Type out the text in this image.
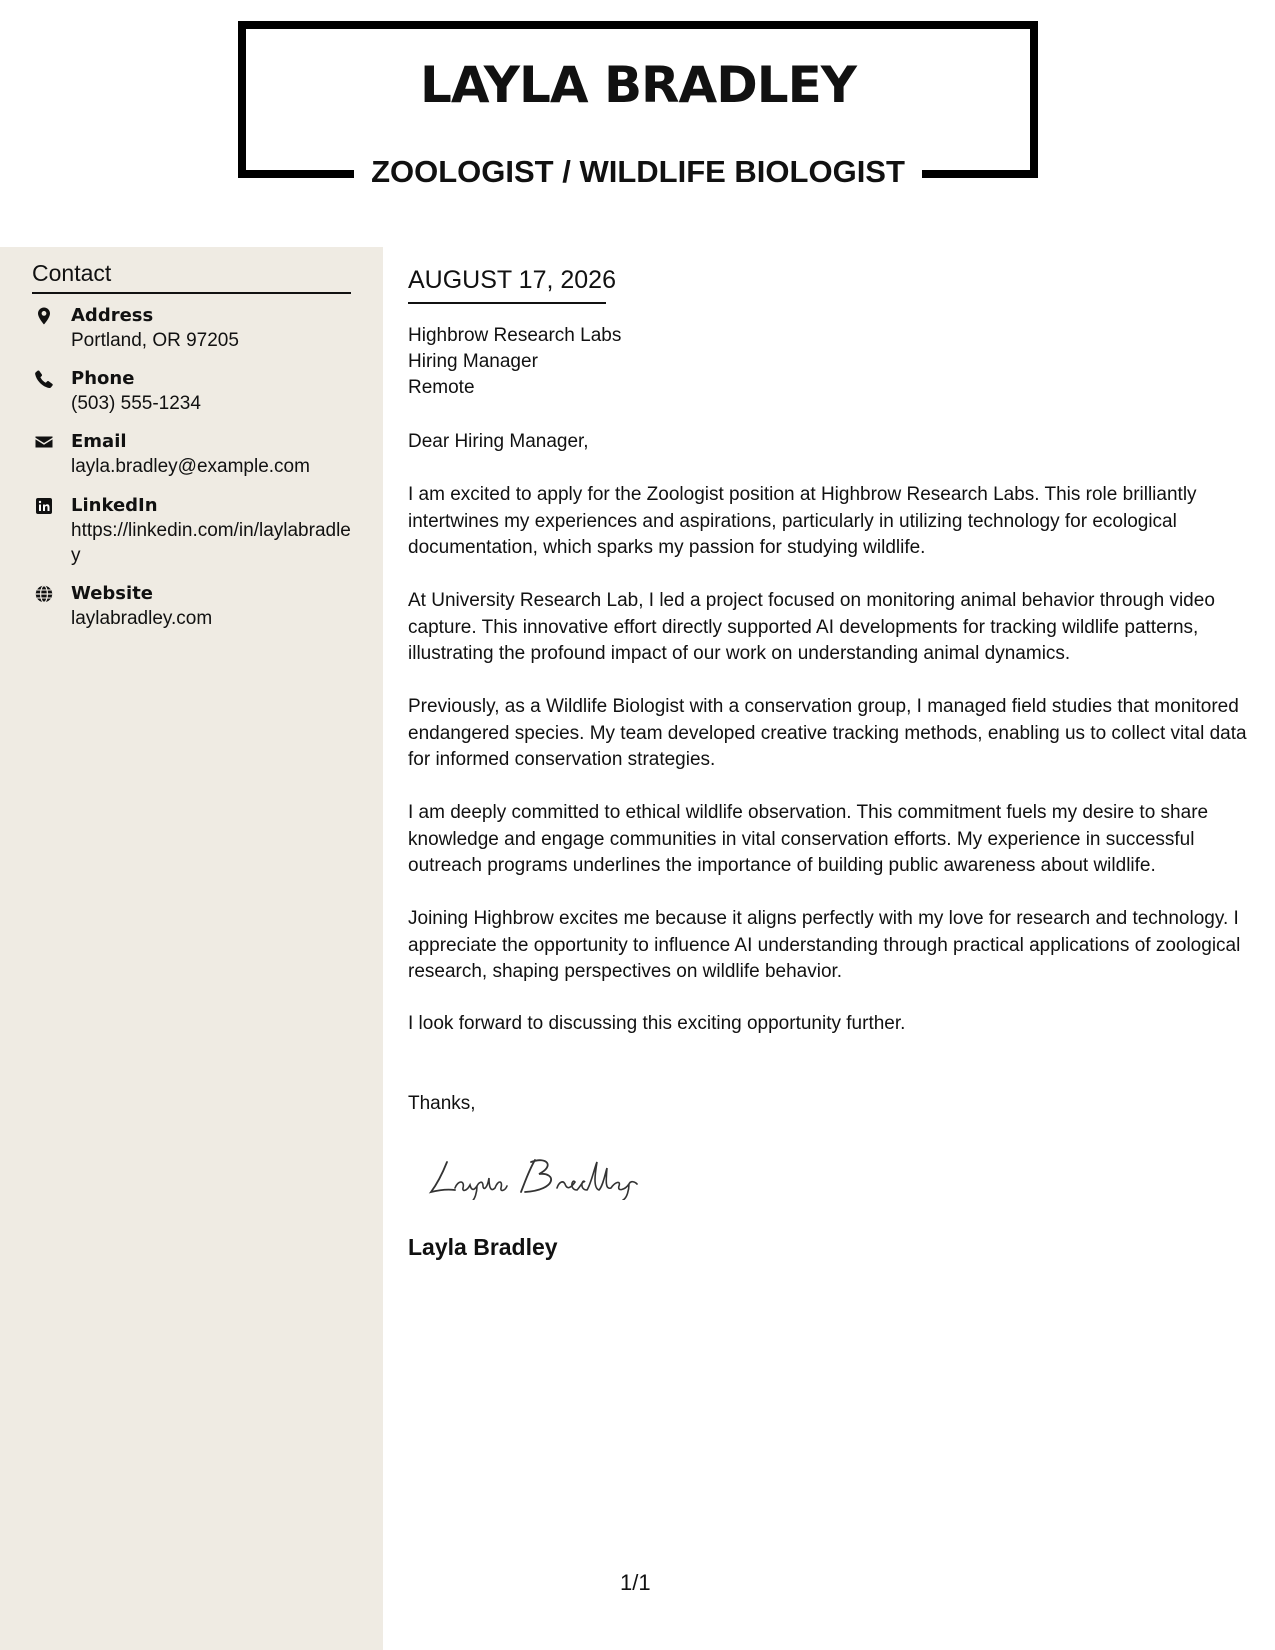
LAYLA BRADLEY
ZOOLOGIST / WILDLIFE BIOLOGIST
Contact
Address
Portland, OR 97205
Phone
(503) 555-1234
Email
layla.bradley@example.com
LinkedIn
https://linkedin.com/in/laylabradley
Website
laylabradley.com
AUGUST 17, 2026
Highbrow Research Labs
Hiring Manager
Remote

Dear Hiring Manager,

I am excited to apply for the Zoologist position at Highbrow Research Labs. This role brilliantly intertwines my experiences and aspirations, particularly in utilizing technology for ecological documentation, which sparks my passion for studying wildlife.

At University Research Lab, I led a project focused on monitoring animal behavior through video capture. This innovative effort directly supported AI developments for tracking wildlife patterns, illustrating the profound impact of our work on understanding animal dynamics.

Previously, as a Wildlife Biologist with a conservation group, I managed field studies that monitored endangered species. My team developed creative tracking methods, enabling us to collect vital data for informed conservation strategies.

I am deeply committed to ethical wildlife observation. This commitment fuels my desire to share knowledge and engage communities in vital conservation efforts. My experience in successful outreach programs underlines the importance of building public awareness about wildlife.

Joining Highbrow excites me because it aligns perfectly with my love for research and technology. I appreciate the opportunity to influence AI understanding through practical applications of zoological research, shaping perspectives on wildlife behavior.

I look forward to discussing this exciting opportunity further.

Thanks,

Layla Bradley

1/1
